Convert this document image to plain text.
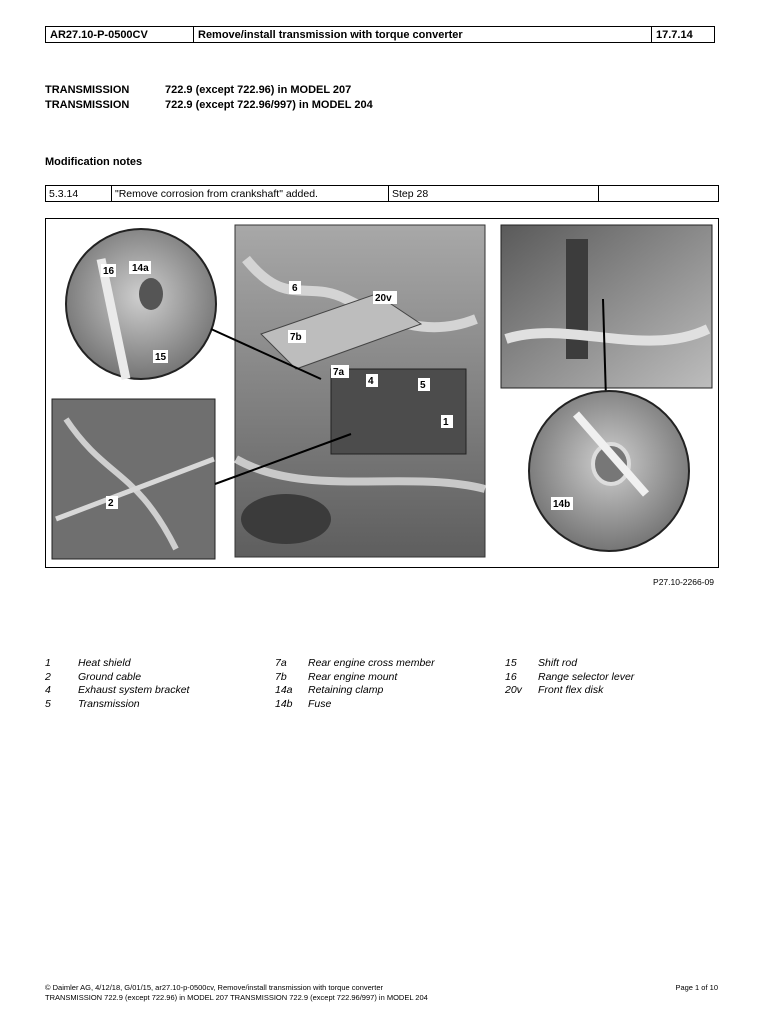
AR27.10-P-0500CV	Remove/install transmission with torque converter	17.7.14
TRANSMISSION	722.9 (except 722.96) in MODEL 207
TRANSMISSION	722.9 (except 722.96/997) in MODEL 204
Modification notes
5.3.14	"Remove corrosion from crankshaft" added.	Step 28
14a
16
15
6
20v
7b
7a
4	5
1
2	14b
P27.10-2266-09
1	Heat shield
2	Ground cable
4	Exhaust system bracket
5	Transmission
7a	Rear engine cross member
7b	Rear engine mount
14a	Retaining clamp
14b	Fuse
15	Shift rod
16	Range selector lever
20v	Front flex disk
© Daimler AG, 4/12/18, G/01/15, ar27.10-p-0500cv, Remove/install transmission with torque converter
TRANSMISSION 722.9 (except 722.96) in MODEL 207 TRANSMISSION 722.9 (except 722.96/997) in MODEL 204
Page 1 of 10
